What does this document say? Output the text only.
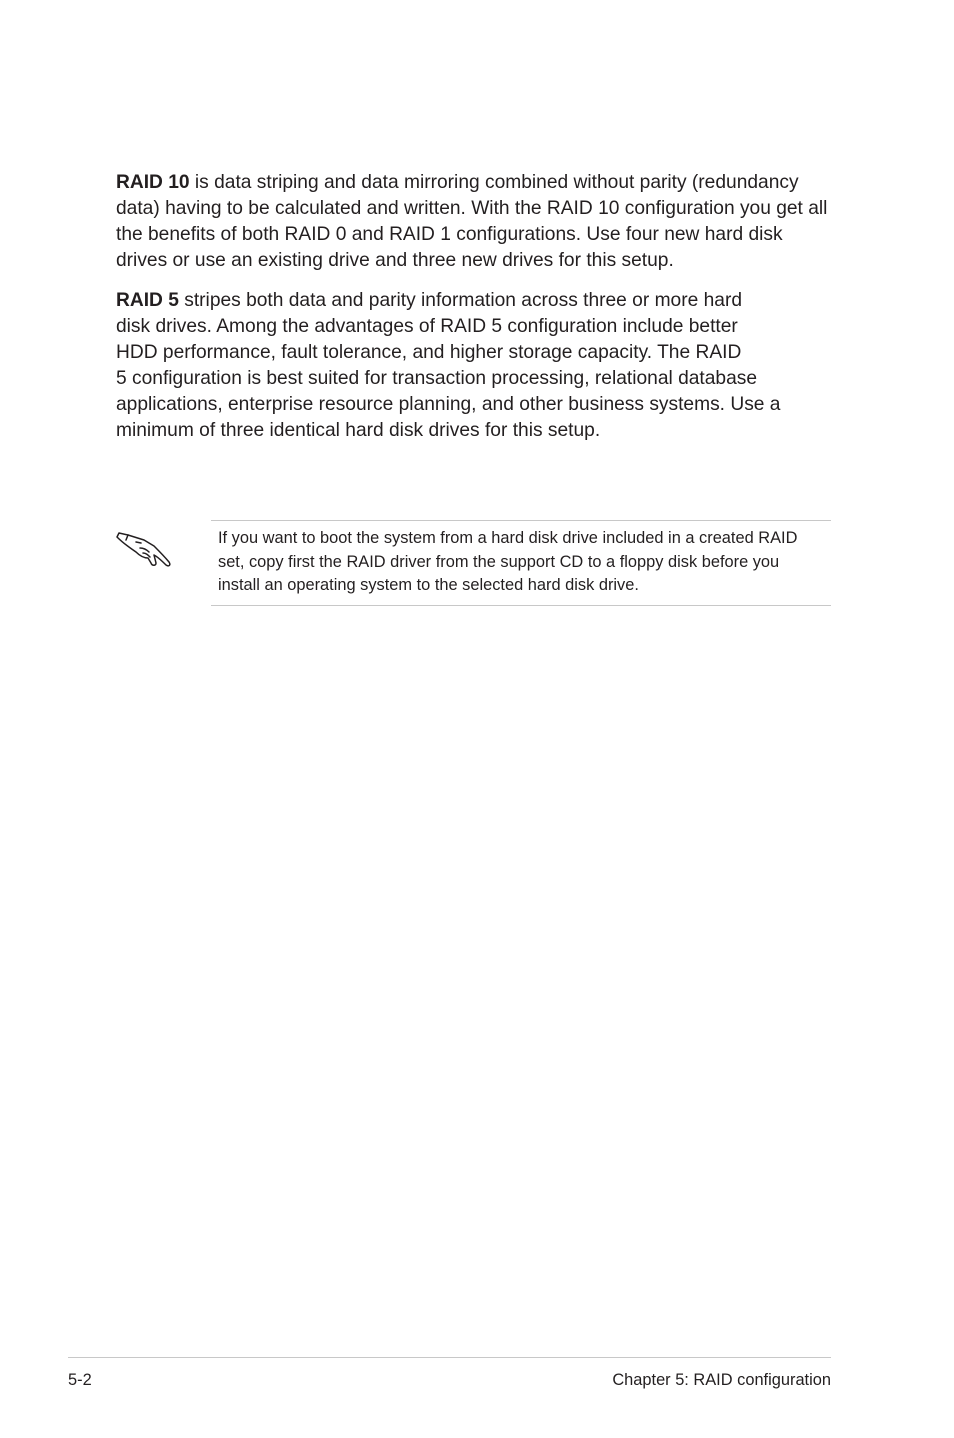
RAID 10 is data striping and data mirroring combined without parity (redundancy data) having to be calculated and written. With the RAID 10 configuration you get all the benefits of both RAID 0 and RAID 1 configurations. Use four new hard disk drives or use an existing drive and three new drives for this setup.

RAID 5 stripes both data and parity information across three or more hard
disk drives. Among the advantages of RAID 5 configuration include better
HDD performance, fault tolerance, and higher storage capacity. The RAID
5 configuration is best suited for transaction processing, relational database
applications, enterprise resource planning, and other business systems. Use a
minimum of three identical hard disk drives for this setup.

If you want to boot the system from a hard disk drive included in a created RAID
set, copy first the RAID driver from the support CD to a floppy disk before you
install an operating system to the selected hard disk drive.

5-2	Chapter 5: RAID configuration
